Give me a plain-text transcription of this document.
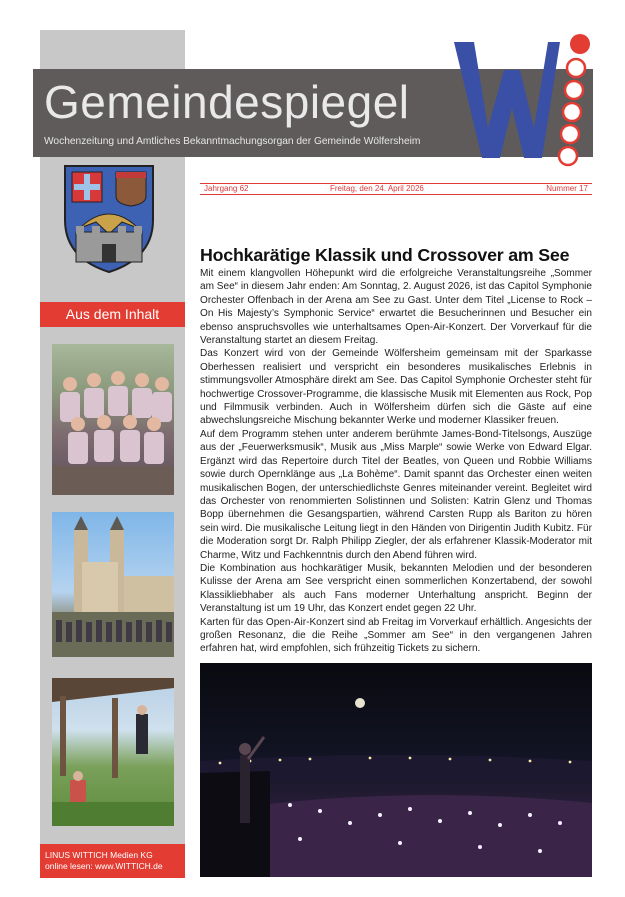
Gemeindespiegel
Wochenzeitung und Amtliches Bekanntmachungsorgan der Gemeinde Wölfersheim
Jahrgang 62	Freitag, den 24. April 2026	Nummer 17
Aus dem Inhalt
LINUS WITTICH Medien KG
online lesen: www.WITTICH.de
Hochkarätige Klassik und Crossover am See

Mit einem klangvollen Höhepunkt wird die erfolgreiche Veranstaltungsreihe „Sommer am See“ in diesem Jahr enden: Am Sonntag, 2. August 2026, ist das Capitol Symphonie Orchester Offenbach in der Arena am See zu Gast. Unter dem Titel „License to Rock – On His Majesty’s Symphonic Service“ erwartet die Besucherinnen und Besucher ein ebenso anspruchsvolles wie unterhaltsames Open-Air-Konzert. Der Vorverkauf für die Veranstaltung startet an diesem Freitag.

Das Konzert wird von der Gemeinde Wölfersheim gemeinsam mit der Sparkasse Oberhessen realisiert und verspricht ein besonderes musikalisches Erlebnis in stimmungsvoller Atmosphäre direkt am See. Das Capitol Symphonie Orchester steht für hochwertige Crossover-Programme, die klassische Musik mit Elementen aus Rock, Pop und Filmmusik verbinden. Auch in Wölfersheim dürfen sich die Gäste auf eine abwechslungsreiche Mischung bekannter Werke und moderner Klassiker freuen.

Auf dem Programm stehen unter anderem berühmte James-Bond-Titelsongs, Auszüge aus der „Feuerwerksmusik“, Musik aus „Miss Marple“ sowie Werke von Edward Elgar. Ergänzt wird das Repertoire durch Titel der Beatles, von Queen und Robbie Williams sowie durch Opernklänge aus „La Bohème“. Damit spannt das Orchester einen weiten musikalischen Bogen, der unterschiedlichste Genres miteinander vereint. Begleitet wird das Orchester von renommierten Solistinnen und Solisten: Katrin Glenz und Thomas Bopp übernehmen die Gesangspartien, während Carsten Rupp als Bariton zu hören sein wird. Die musikalische Leitung liegt in den Händen von Dirigentin Judith Kubitz. Für die Moderation sorgt Dr. Ralph Philipp Ziegler, der als erfahrener Klassik-Moderator mit Charme, Witz und Fachkenntnis durch den Abend führen wird.

Die Kombination aus hochkarätiger Musik, bekannten Melodien und der besonderen Kulisse der Arena am See verspricht einen sommerlichen Konzertabend, der sowohl Klassikliebhaber als auch Fans moderner Unterhaltung anspricht. Beginn der Veranstaltung ist um 19 Uhr, das Konzert endet gegen 22 Uhr.

Karten für das Open-Air-Konzert sind ab Freitag im Vorverkauf erhältlich. Angesichts der großen Resonanz, die die Reihe „Sommer am See“ in den vergangenen Jahren erfahren hat, wird empfohlen, sich frühzeitig Tickets zu sichern.
